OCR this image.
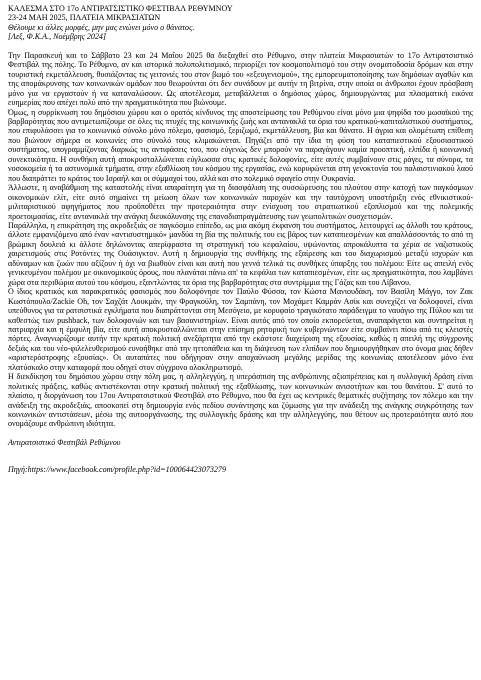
ΚΑΛΕΣΜΑ ΣΤΟ 17ο ΑΝΤΙΡΑΤΣΙΣΤΙΚΟ ΦΕΣΤΙΒΑΛ ΡΕΘΥΜΝΟΥ

23-24 ΜΑΗ 2025, ΠΛΑΤΕΙΑ ΜΙΚΡΑΣΙΑΤΩΝ

Θέλουμε κι άλλες μορφές, μην μας ενώνει μόνο ο θάνατος.

[Λεξ, Φ.Κ.Α., Νοέμβρης 2024]

Την Παρασκευή και το Σάββατο 23 και 24 Μαΐου 2025 θα διεξαχθεί στο Ρέθυμνο, στην πλατεία Μικρασιατών το 17ο Αντιρατσιστικό Φεστιβάλ της πόλης. Το Ρέθυμνο, αν και ιστορικά πολυπολιτισμικό, περιορίζει τον κοσμοπολιτισμό του στην ονοματοδοσία δρόμων και στην τουριστική εκμετάλλευση, θυσιάζοντας τις γειτονιές του στον βωμό του «εξευγενισμού», της εμπορευματοποίησης των δημόσιων αγαθών και της απομάκρυνσης των κοινωνικών ομάδων που θεωρούνται ότι δεν συνάδουν με αυτήν τη βιτρίνα, στην οποία οι άνθρωποι έχουν πρόσβαση μόνο για να εργαστούν ή να καταναλώσουν. Ως αποτέλεσμα, μεταβάλλεται ο δημόσιος χώρος, δημιουργώντας μια πλασματική εικόνα ευημερίας που απέχει πολύ από την πραγματικότητα που βιώνουμε.

Όμως, η συρρίκνωση του δημόσιου χώρου και ο ορατός κίνδυνος της αποστείρωσης του Ρεθύμνου είναι μόνο μια ψηφίδα του μωσαϊκού της βαρβαρότητας που αντιμετωπίζουμε σε όλες τις πτυχές της κοινωνικής ζωής και αντανακλά τα όρια του κρατικού-καπιταλιστικού συστήματος, που επιφυλάσσει για το κοινωνικό σύνολο μόνο πόλεμο, φασισμό, ξεριζωμό, εκμετάλλευση, βία και θάνατο. Η άγρια και ολομέτωπη επίθεση που βιώνουν σήμερα οι κοινωνίες στο σύνολό τους κλιμακώνεται. Πηγάζει από την ίδια τη φύση του καταπιεστικού εξουσιαστικού συστήματος, υπογραμμίζοντας διαρκώς τις αντιφάσεις του, που εύγενώς δεν μπορούν να παραγάγουν καμία προοπτική, ελπίδα ή κοινωνική συνεκτικότητα. Η συνθήκη αυτή αποκρυσταλλώνεται εύγλωσσα στις κρατικές δολοφονίες, είτε αυτές συμβαίνουν στις ράγες, τα σύνορα, τα νοσοκομεία ή τα αστυνομικά τμήματα, στην εξαθλίωση του κόσμου της εργασίας, ενώ κορυφώνεται στη γενοκτονία του παλαιστινιακού λαού που διαπράττει το κράτος του Ισραήλ και οι σύμμαχοί του, αλλά και στο πολεμικό σφαγείο στην Ουκρανία.

Άλλωστε, η αναβάθμιση της καταστολής είναι απαραίτητη για τη διασφάλιση της συσσώρευσης του πλούτου στην κατοχή των παγκόσμιων οικονομικών ελίτ, είτε αυτό σημαίνει τη μείωση όλων των κοινωνικών παροχών και την ταυτόχρονη υποστήριξη ενός εθνικιστικού-μιλιταριστικού αφηγήματος που προϋποθέτει την προτεραιότητα στην ενίσχυση του στρατιωτικού εξοπλισμού και της πολεμικής προετοιμασίας, είτε αντανακλά την ανάγκη διευκόλυνσης της επαναδιαπραγμάτευσης των γεωπολιτικών συσχετισμών.

Παράλληλα, η επικράτηση της ακροδεξιάς σε παγκόσμιο επίπεδο, ως μια ακόμη έκφανση του συστήματος, λειτουργεί ως άλλοθι του κράτους, άλλοτε εμφανιζόμενο από έναν «αντισυστημικό» μανδύα τη βία της πολιτικής του εις βάρος των καταπιεσμένων και απαλλάσσοντάς το από τη βρώμικη δουλειά κι άλλοτε δηλώνοντας απερίφραστα τη στρατηγική του κεφαλαίου, υψώνοντας απροκάλυπτα τα χέρια σε ναζιστικούς χαιρετισμούς στις Ροτόντες της Ουάσιγκτον. Αυτή η δημιουργία της συνθήκης της εξαίρεσης και του διαχωρισμού μεταξύ ισχυρών και αδύναμων και ζωών που αξίζουν ή όχι να βιωθούν είναι και αυτή που γεννά τελικά τις συνθήκες ύπαρξης του πολέμου: Είτε ως απειλή ενός γενικευμένου πολέμου με οικονομικούς όρους, που πλανάται πάνω απ' τα κεφάλια των καταπιεσμένων, είτε ως πραγματικότητα, που λαμβάνει χώρα στα περιθώρια αυτού του κόσμου, εξαντλώντας τα όρια της βαρβαρότητας στα συντρίμμια της Γάζας και του Λίβανου.

Ο ίδιος κρατικός και παρακρατικός φασισμός που δολοφόνησε τον Παύλο Φύσσα, τον Κώστα Μανιουδάκη, τον Βασίλη Μάγγο, τον Ζακ Κωστόπουλο/Zackie Oh, τον Σαχζάτ Λουκμάν, την Φραγκούλη, τον Σαμπάνη, τον Μοχάμετ Καμράν Ασίκ και συνεχίζει να δολοφονεί, είναι υπεύθυνος για τα ρατσιστικά εγκλήματα που διαπράττονται στη Μεσόγειο, με κορυφαίο τραγικότατο παράδειγμα το ναυάγιο της Πύλου και τα καθεστώς των pushback, των δολοφονιών και των βασανιστηρίων. Είναι αυτός από τον οποίο εκπορεύεται, αναπαράγεται και συντηρείται η πατριαρχία και η έμφυλη βία, είτε αυτή αποκρυσταλλώνεται στην επίσημη ρητορική των κυβερνώντων είτε συμβαίνει πίσω από τις κλειστές πόρτες. Αναγνωρίζουμε αυτήν την κρατική πολιτική ανεξάρτητα από την εκάστοτε διαχείριση της εξουσίας, καθώς η απειλή της σύγχρονης δεξιάς και του νέο-φιλελευθερισμού ευνοήθηκε από την ηττοπάθεια και τη διάψευση των ελπίδων που δημιουργήθηκαν στο όνομα μιας δήθεν «αριστερόστροφης εξουσίας». Οι αυταπάτες που οδήγησαν στην αποχαύνωση μεγάλης μερίδας της κοινωνίας αποτέλεσαν μόνο ένα πλατύσκαλο στην καταφορά που οδηγεί στον σύγχρονο ολοκληρωτισμό.

Η διεκδίκηση του δημόσιου χώρου στην πόλη μας, η αλληλεγγύη, η υπεράσπιση της ανθρώπινης αξιοπρέπειας και η συλλογική δράση είναι πολιτικές πράξεις, καθώς αντιστέκονται στην κρατική πολιτική της εξαθλίωσης, των κοινωνικών ανισοτήτων και του θανάτου. Σ' αυτό το πλαίσιο, η διοργάνωση του 17ου Αντιρατσιστικού Φεστιβάλ στο Ρέθυμνο, που θα έχει ως κεντρικές θεματικές συζήτησης τον πόλεμο και την ανάδειξη της ακροδεξιάς, αποσκοπεί στη δημιουργία ενός πεδίου συνάντησης και ζύμωσης για την ανάδειξη της ανάγκης συγκρότησης των κοινωνικών αντιστάσεων, μέσω της αυτοοργάνωσης, της συλλογικής δράσης και την αλληλεγγύης, που θέτουν ως προτεραιότητα αυτό που ονομάζουμε ανθρώπινη ιδιότητα.

Αντιρατσιστικό Φεστιβάλ Ρεθύμνου

Πηγή:https://www.facebook.com/profile.php?id=100064423073279
